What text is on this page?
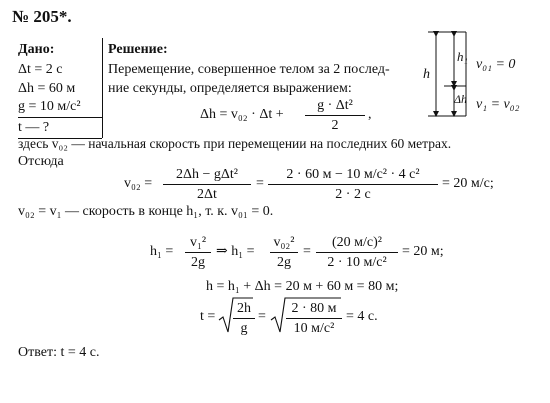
№ 205*.
Дано:
Δt = 2 с
Δh = 60 м
g = 10 м/с²
t — ?
Решение:
Перемещение, совершенное телом за 2 послед-
ние секунды, определяется выражением:
Δh = v₀₂ · Δt +
g · Δt²
2
,
здесь v₀₂ — начальная скорость при перемещении на последних 60 метрах.
Отсюда
v₀₂ =
2Δh − gΔt²
2Δt
=
2 · 60 м − 10 м/с² · 4 с²
2 · 2 с
= 20 м/с;
v₀₂ = v₁ — скорость в конце h₁, т. к. v₀₁ = 0.
h₁ =
v₁²
2g
⇒ h₁ =
v₀₂²
2g
=
(20 м/с)²
2 · 10 м/с²
= 20 м;
h = h₁ + Δh = 20 м + 60 м = 80 м;
t =
2h
g
=
2 · 80 м
10 м/с²
= 4 с.
Ответ: t = 4 с.
h
h₁
Δh
v₀₁ = 0
v₁ = v₀₂
